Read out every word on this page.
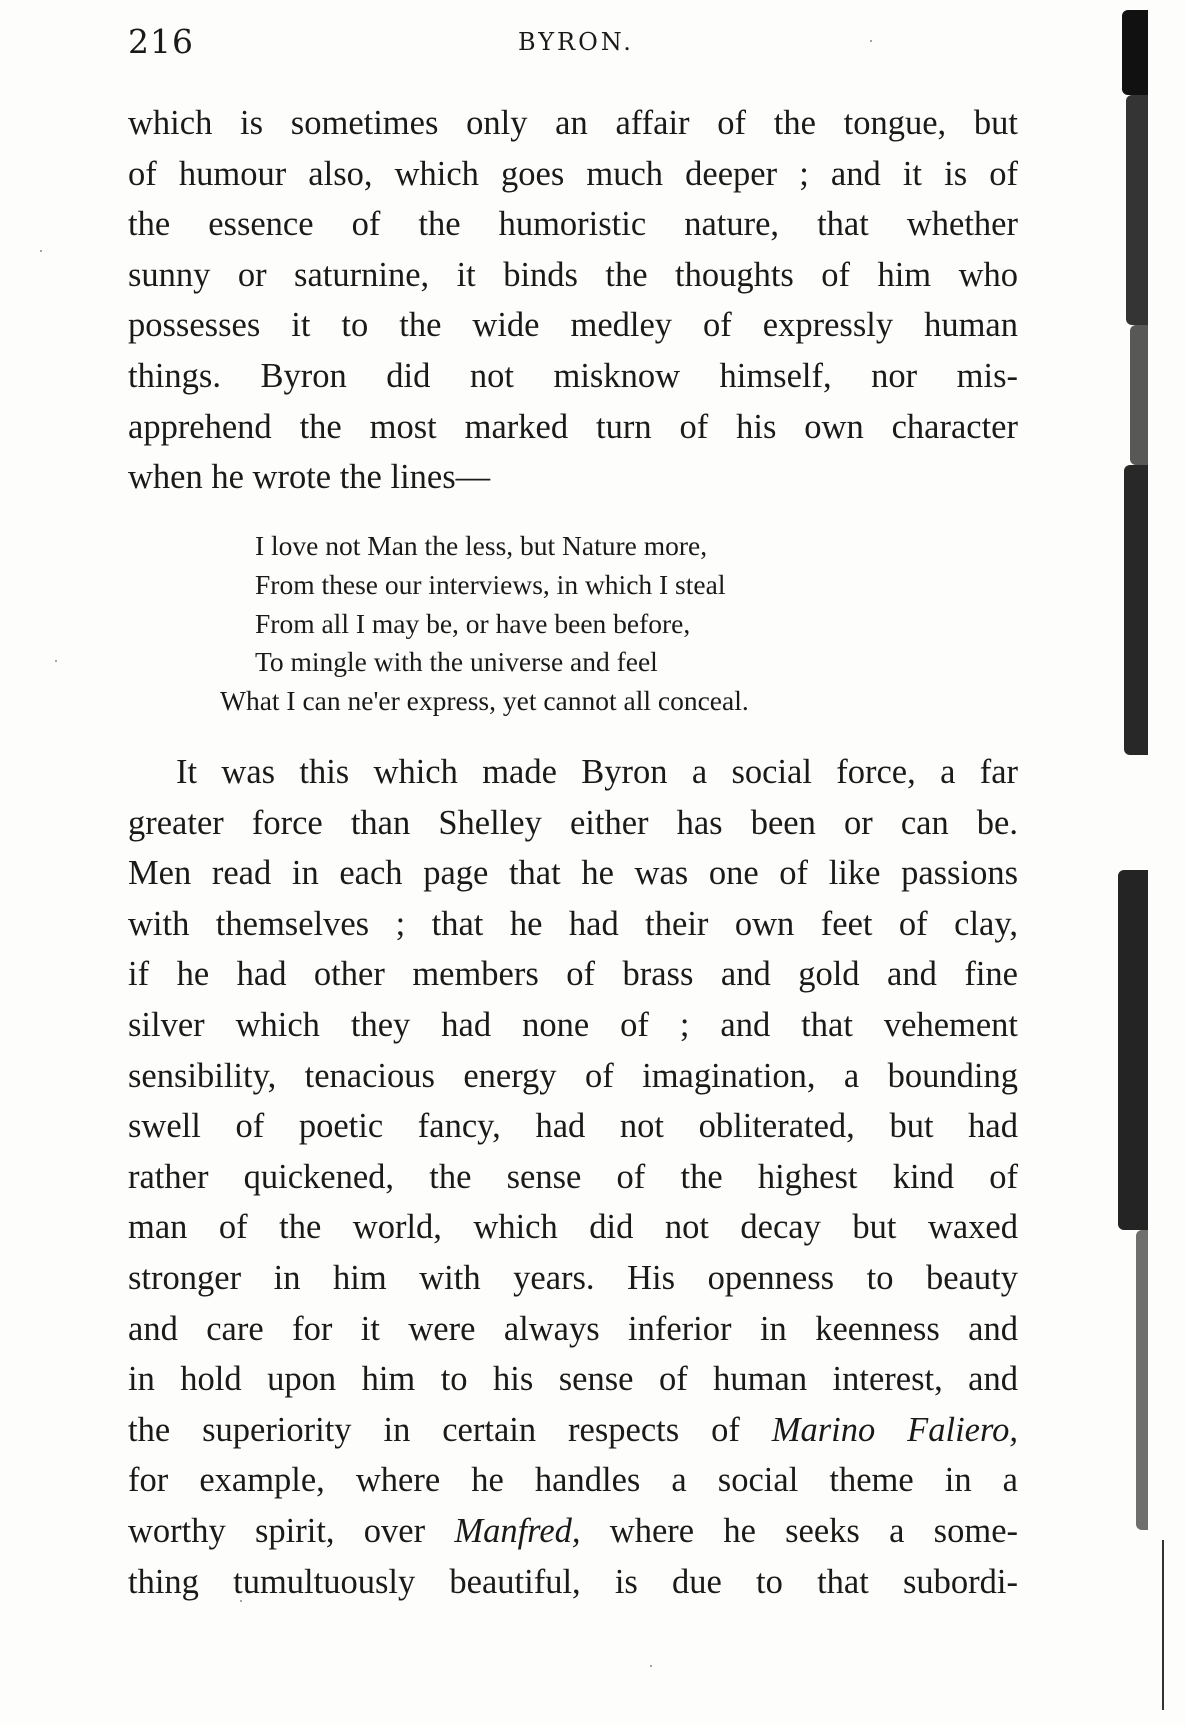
216	BYRON.
which is sometimes only an affair of the tongue, but
of humour also, which goes much deeper ; and it is of
the essence of the humoristic nature, that whether
sunny or saturnine, it binds the thoughts of him who
possesses it to the wide medley of expressly human
things. Byron did not misknow himself, nor mis-
apprehend the most marked turn of his own character
when he wrote the lines—
I love not Man the less, but Nature more,
From these our interviews, in which I steal
From all I may be, or have been before,
To mingle with the universe and feel
What I can ne'er express, yet cannot all conceal.
It was this which made Byron a social force, a far
greater force than Shelley either has been or can be.
Men read in each page that he was one of like passions
with themselves ; that he had their own feet of clay,
if he had other members of brass and gold and fine
silver which they had none of ; and that vehement
sensibility, tenacious energy of imagination, a bounding
swell of poetic fancy, had not obliterated, but had
rather quickened, the sense of the highest kind of
man of the world, which did not decay but waxed
stronger in him with years. His openness to beauty
and care for it were always inferior in keenness and
in hold upon him to his sense of human interest, and
the superiority in certain respects of Marino Faliero,
for example, where he handles a social theme in a
worthy spirit, over Manfred, where he seeks a some-
thing tumultuously beautiful, is due to that subordi-
